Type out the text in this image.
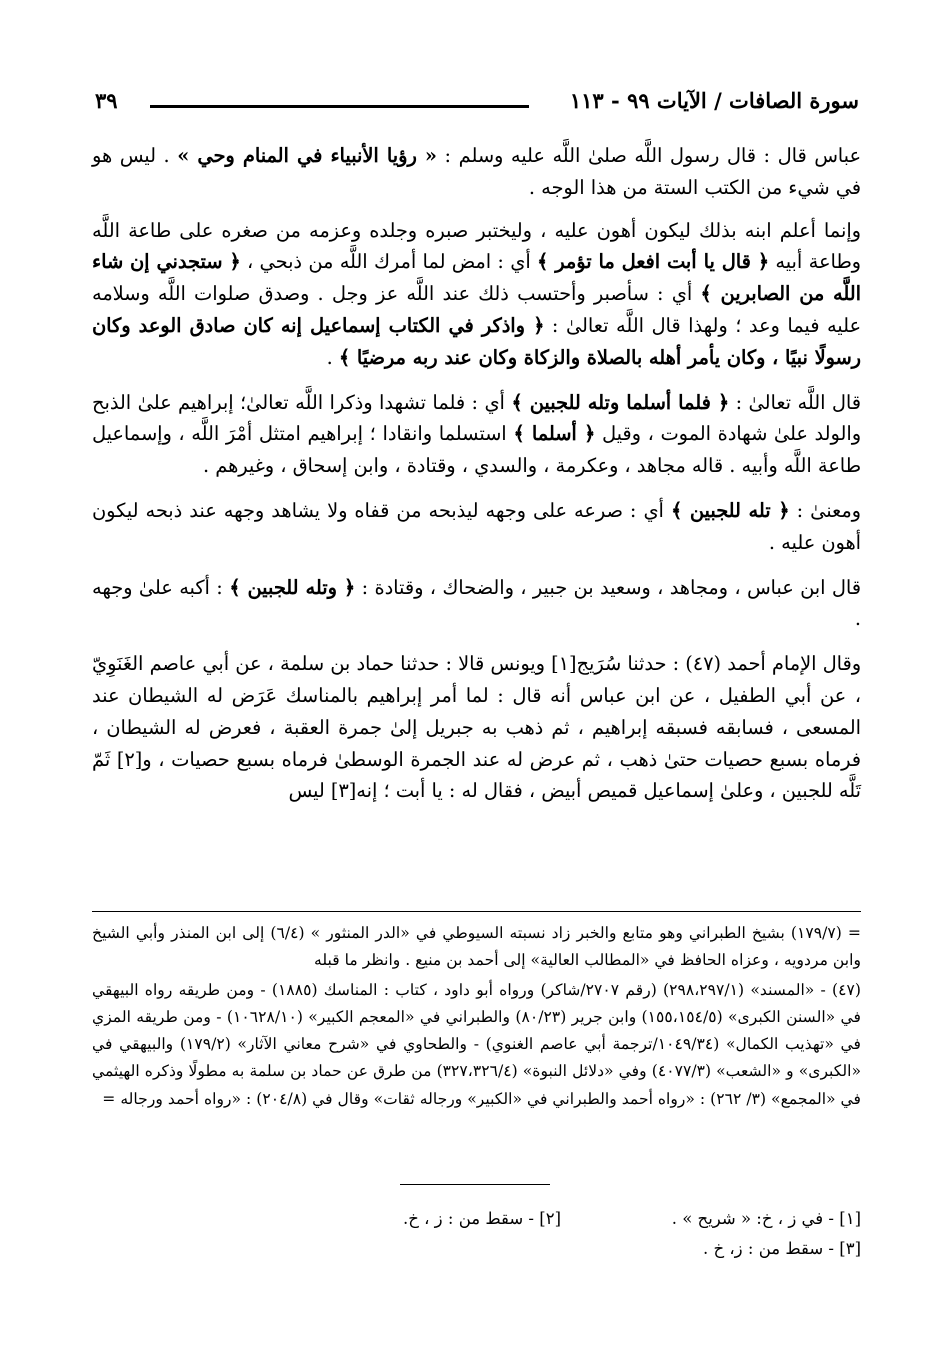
سورة الصافات / الآيات ٩٩ - ١١٣
٣٩

عباس قال : قال رسول اللَّه صلىٰ اللَّه عليه وسلم : « رؤيا الأنبياء في المنام وحي » . ليس هو في شيء من الكتب الستة من هذا الوجه .

وإنما أعلم ابنه بذلك ليكون أهون عليه ، وليختبر صبره وجلده وعزمه من صغره على طاعة اللَّه وطاعة أبيه ﴿ قال يا أبت افعل ما تؤمر ﴾ أي : امض لما أمرك اللَّه من ذبحي ، ﴿ ستجدني إن شاء اللَّه من الصابرين ﴾ أي : سأصبر وأحتسب ذلك عند اللَّه عز وجل . وصدق صلوات اللَّه وسلامه عليه فيما وعد ؛ ولهذا قال اللَّه تعالىٰ : ﴿ واذكر في الكتاب إسماعيل إنه كان صادق الوعد وكان رسولًا نبيًا ، وكان يأمر أهله بالصلاة والزكاة وكان عند ربه مرضيًا ﴾ .

قال اللَّه تعالىٰ : ﴿ فلما أسلما وتله للجبين ﴾ أي : فلما تشهدا وذكرا اللَّه تعالىٰ؛ إبراهيم علىٰ الذبح والولد علىٰ شهادة الموت ، وقيل ﴿ أسلما ﴾ استسلما وانقادا ؛ إبراهيم امتثل أمْرَ اللَّه ، وإسماعيل طاعة اللَّه وأبيه . قاله مجاهد ، وعكرمة ، والسدي ، وقتادة ، وابن إسحاق ، وغيرهم .

ومعنىٰ : ﴿ تله للجبين ﴾ أي : صرعه على وجهه ليذبحه من قفاه ولا يشاهد وجهه عند ذبحه ليكون أهون عليه .

قال ابن عباس ، ومجاهد ، وسعيد بن جبير ، والضحاك ، وقتادة : ﴿ وتله للجبين ﴾ : أكبه علىٰ وجهه .

وقال الإمام أحمد (٤٧) : حدثنا سُرَيج[١] ويونس قالا : حدثنا حماد بن سلمة ، عن أبي عاصم الغَنَوِيّ ، عن أبي الطفيل ، عن ابن عباس أنه قال : لما أمر إبراهيم بالمناسك عَرَض له الشيطان عند المسعى ، فسابقه فسبقه إبراهيم ، ثم ذهب به جبريل إلىٰ جمرة العقبة ، فعرض له الشيطان ، فرماه بسبع حصيات حتىٰ ذهب ، ثم عرض له عند الجمرة الوسطىٰ فرماه بسبع حصيات ، و[٢] ثَمّ تَلَّه للجبين ، وعلىٰ إسماعيل قميص أبيض ، فقال له : يا أبت ؛ إنه[٣] ليس

= (١٧٩/٧) بشيخ الطبراني وهو متابع والخبر زاد نسبته السيوطي في «الدر المنثور » (٦/٤) إلى ابن المنذر وأبي الشيخ وابن مردويه ، وعزاه الحافظ في «المطالب العالية» إلى أحمد بن منيع . وانظر ما قبله

(٤٧) - «المسند» (٢٩٨،٢٩٧/١) (رقم ٢٧٠٧/شاكر) ورواه أبو داود ، كتاب : المناسك (١٨٨٥) - ومن طريقه رواه البيهقي في «السنن الكبرى» (١٥٥،١٥٤/٥) وابن جرير (٨٠/٢٣) والطبراني في «المعجم الكبير» (١٠٦٢٨/١٠) - ومن طريقه المزي في «تهذيب الكمال» (١٠٤٩/٣٤/ترجمة أبي عاصم الغنوي) - والطحاوي في «شرح معاني الآثار» (١٧٩/٢) والبيهقي في «الكبرى» و «الشعب» (٤٠٧٧/٣) وفي «دلائل النبوة» (٣٢٧،٣٢٦/٤) من طرق عن حماد بن سلمة به مطولًا وذكره الهيثمي في «المجمع» (٣/ ٢٦٢) : «رواه أحمد والطبراني في «الكبير» ورجاله ثقات» وقال في (٢٠٤/٨) : «رواه أحمد ورجاله =

[١] - في ز ، خ: « شريح » .
[٢] - سقط من : ز ، خ.
[٣] - سقط من : ز، خ .
